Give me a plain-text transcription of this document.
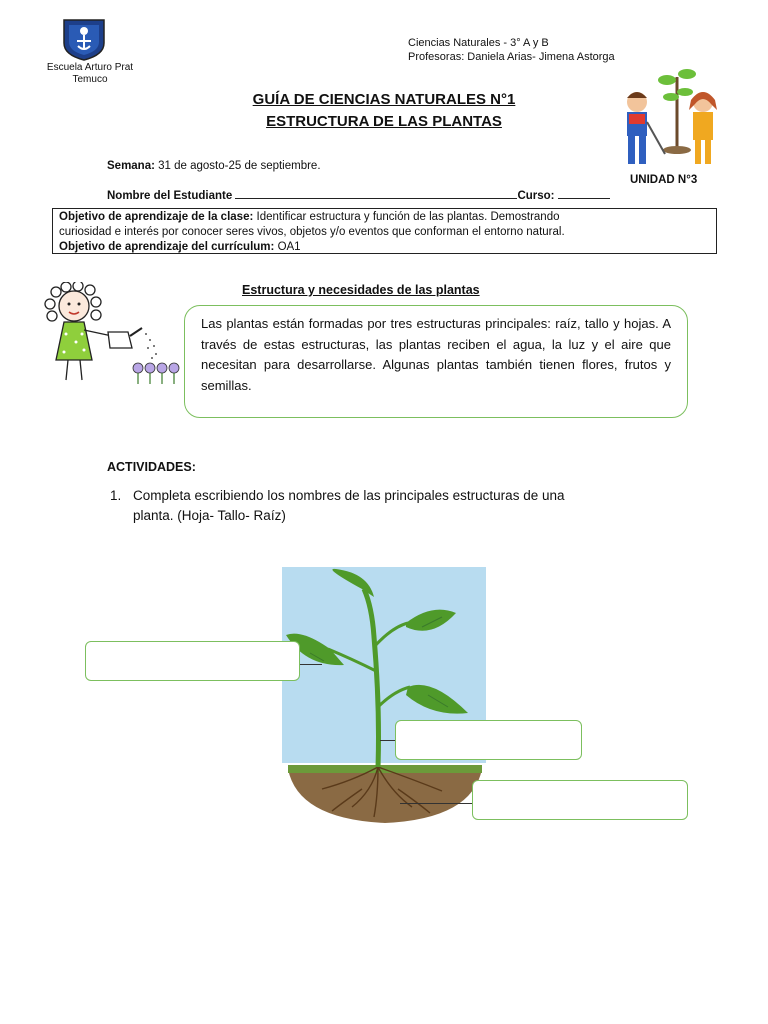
Escuela Arturo Prat
Temuco
Ciencias Naturales - 3° A y B
Profesoras: Daniela Arias- Jimena Astorga
UNIDAD N°3
GUÍA DE CIENCIAS NATURALES N°1
ESTRUCTURA DE LAS PLANTAS
Semana: 31 de agosto-25 de septiembre.
Nombre del Estudiante	Curso:
Objetivo de aprendizaje de la clase: Identificar estructura y función de las plantas. Demostrando
curiosidad e interés por conocer seres vivos, objetos y/o eventos que conforman el entorno natural.
Objetivo de aprendizaje del currículum: OA1
Estructura y necesidades de las plantas
Las plantas están formadas por tres estructuras principales: raíz, tallo y hojas. A través de estas estructuras, las plantas reciben el agua, la luz y el aire que necesitan para desarrollarse. Algunas plantas también tienen flores, frutos y semillas.
ACTIVIDADES:
1. Completa escribiendo los nombres de las principales estructuras de una
planta. (Hoja- Tallo- Raíz)
